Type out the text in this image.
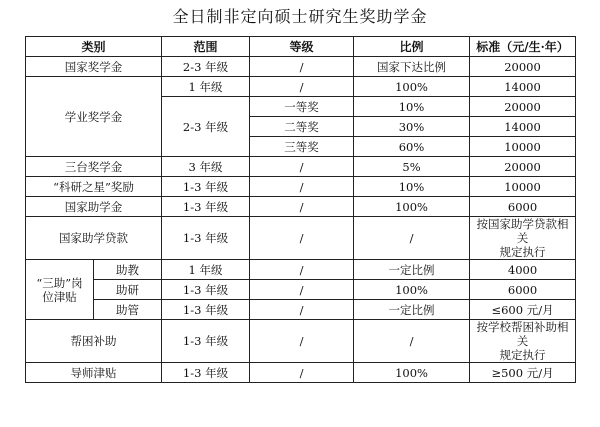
全日制非定向硕士研究生奖助学金
类别		范围	等级	比例	标准（元/生·年）
国家奖学金		2-3 年级	/	国家下达比例	20000
学业奖学金		1 年级	/	100%	14000
		2-3 年级	一等奖	10%	20000
			二等奖	30%	14000
			三等奖	60%	10000
三台奖学金		3 年级	/	5%	20000
“科研之星”奖励		1-3 年级	/	10%	10000
国家助学金		1-3 年级	/	100%	6000
国家助学贷款		1-3 年级	/	/	按国家助学贷款相关
规定执行
“三助”岗
位津贴	助教	1 年级	/	一定比例	4000
	助研	1-3 年级	/	100%	6000
	助管	1-3 年级	/	一定比例	≤600 元/月
帮困补助		1-3 年级	/	/	按学校帮困补助相关
规定执行
导师津贴		1-3 年级	/	100%	≥500 元/月
